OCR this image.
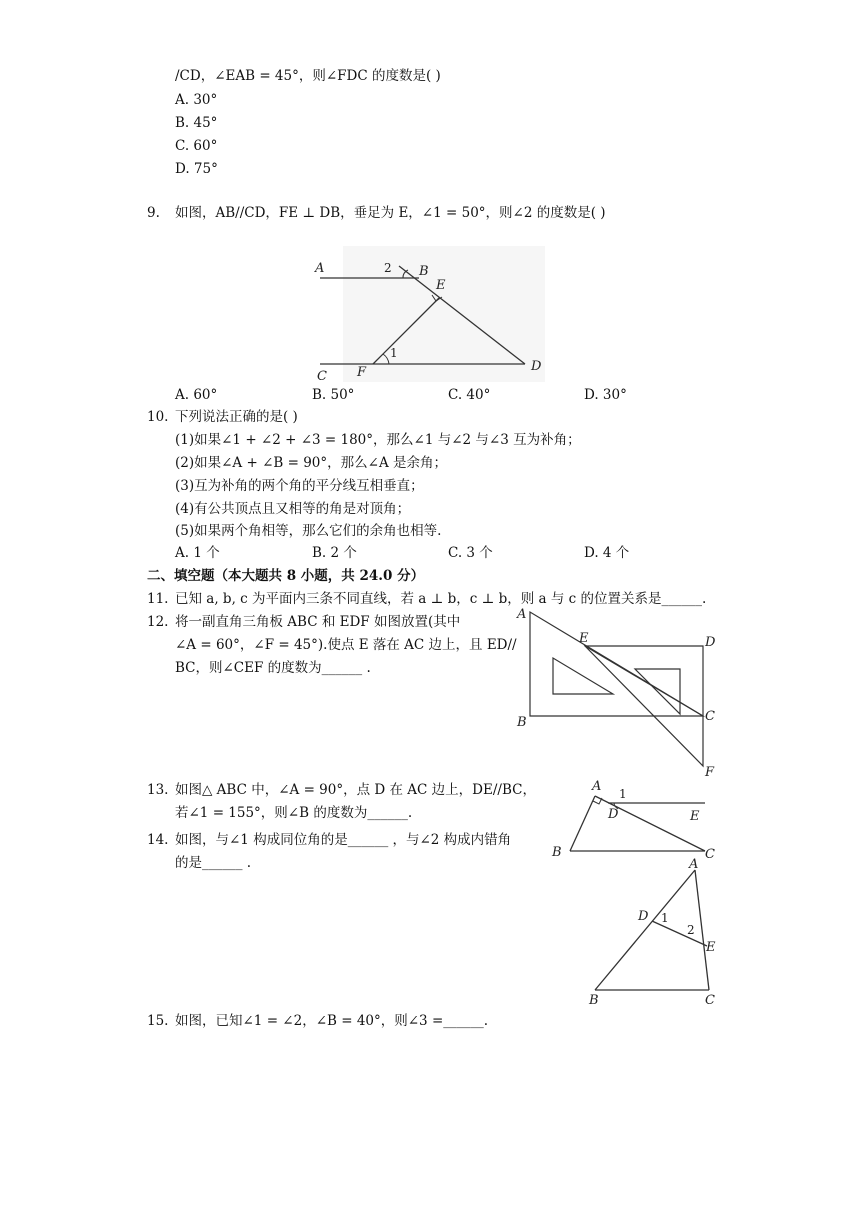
/CD，∠EAB = 45°，则∠FDC 的度数是( )
A. 30°
B. 45°
C. 60°
D. 75°
9. 如图，AB//CD，FE ⊥ DB，垂足为 E，∠1 = 50°，则∠2 的度数是( )
A	2 B
E
1
C F	D
A. 60°	B. 50°	C. 40°	D. 30°
10. 下列说法正确的是( )
(1)如果∠1 + ∠2 + ∠3 = 180°，那么∠1 与∠2 与∠3 互为补角；
(2)如果∠A + ∠B = 90°，那么∠A 是余角；
(3)互为补角的两个角的平分线互相垂直；
(4)有公共顶点且又相等的角是对顶角；
(5)如果两个角相等，那么它们的余角也相等.
A. 1 个	B. 2 个	C. 3 个	D. 4 个
二、填空题（本大题共 8 小题，共 24.0 分）
11. 已知 a, b, c 为平面内三条不同直线，若 a ⊥ b，c ⊥ b，则 a 与 c 的位置关系是______.
12. 将一副直角三角板 ABC 和 EDF 如图放置(其中
∠A = 60°，∠F = 45°).使点 E 落在 AC 边上，且 ED//
BC，则∠CEF 的度数为______ .
A
E	D
B	C
F
13. 如图△ ABC 中，∠A = 90°，点 D 在 AC 边上，DE//BC，
若∠1 = 155°，则∠B 的度数为______.
A 1
D	E
B	C
14. 如图，与∠1 构成同位角的是______ ，与∠2 构成内错角
的是______ .	A
D 1
2
E
B	C
15. 如图，已知∠1 = ∠2，∠B = 40°，则∠3 =______.
